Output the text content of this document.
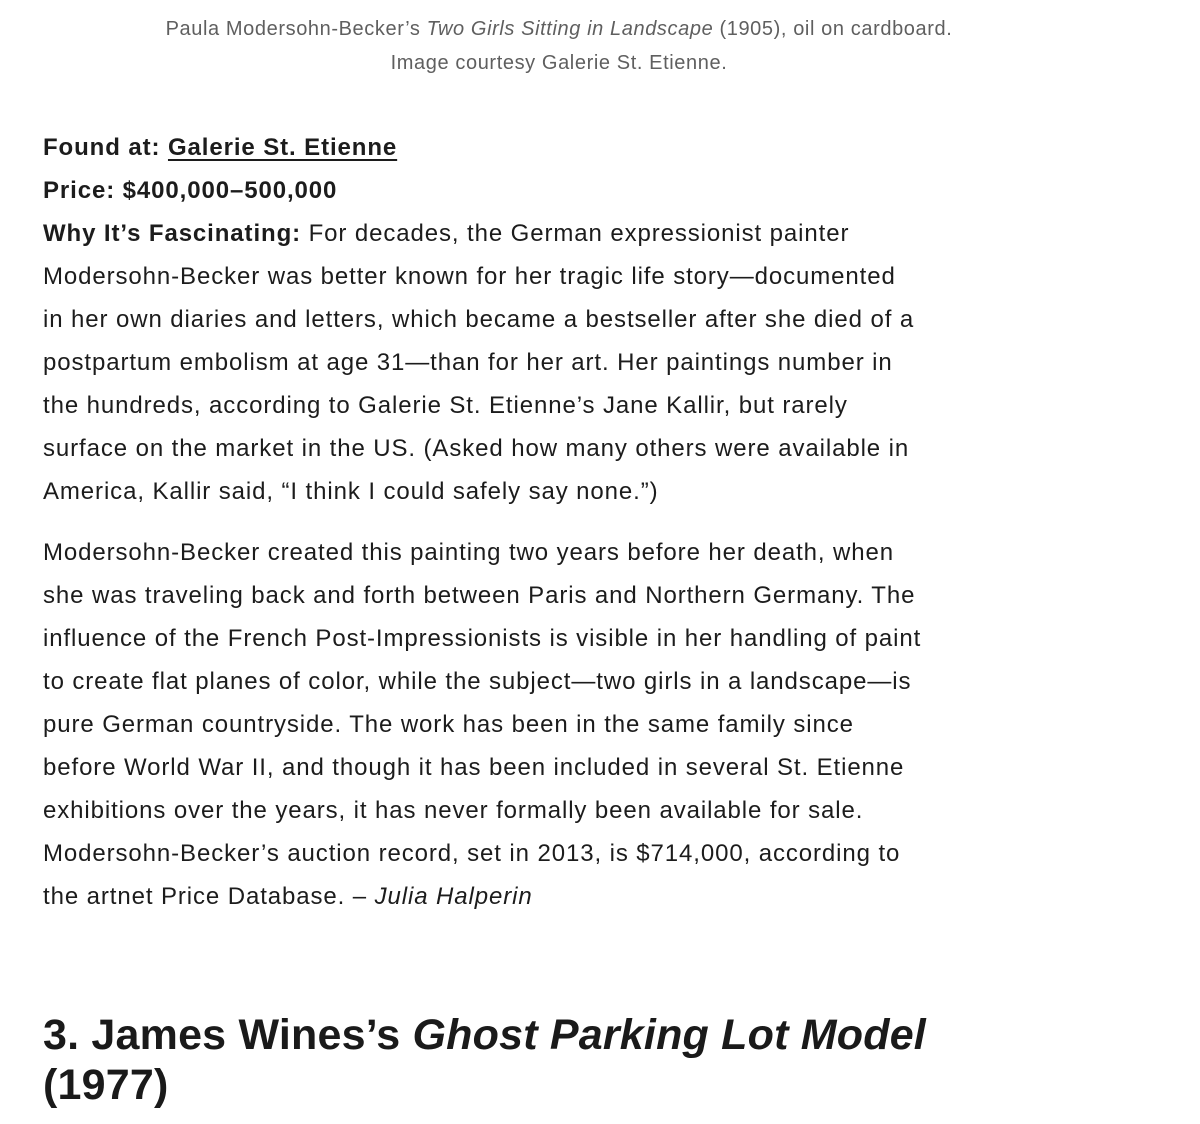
Paula Modersohn-Becker’s Two Girls Sitting in Landscape (1905), oil on cardboard.
Image courtesy Galerie St. Etienne.
Found at: Galerie St. Etienne
Price: $400,000–500,000

Why It’s Fascinating: For decades, the German expressionist painter
Modersohn-Becker was better known for her tragic life story—documented
in her own diaries and letters, which became a bestseller after she died of a
postpartum embolism at age 31—than for her art. Her paintings number in
the hundreds, according to Galerie St. Etienne’s Jane Kallir, but rarely
surface on the market in the US. (Asked how many others were available in
America, Kallir said, “I think I could safely say none.”)

Modersohn-Becker created this painting two years before her death, when
she was traveling back and forth between Paris and Northern Germany. The
influence of the French Post-Impressionists is visible in her handling of paint
to create flat planes of color, while the subject—two girls in a landscape—is
pure German countryside. The work has been in the same family since
before World War II, and though it has been included in several St. Etienne
exhibitions over the years, it has never formally been available for sale.
Modersohn-Becker’s auction record, set in 2013, is $714,000, according to
the artnet Price Database. – Julia Halperin

3. James Wines’s Ghost Parking Lot Model
(1977)
